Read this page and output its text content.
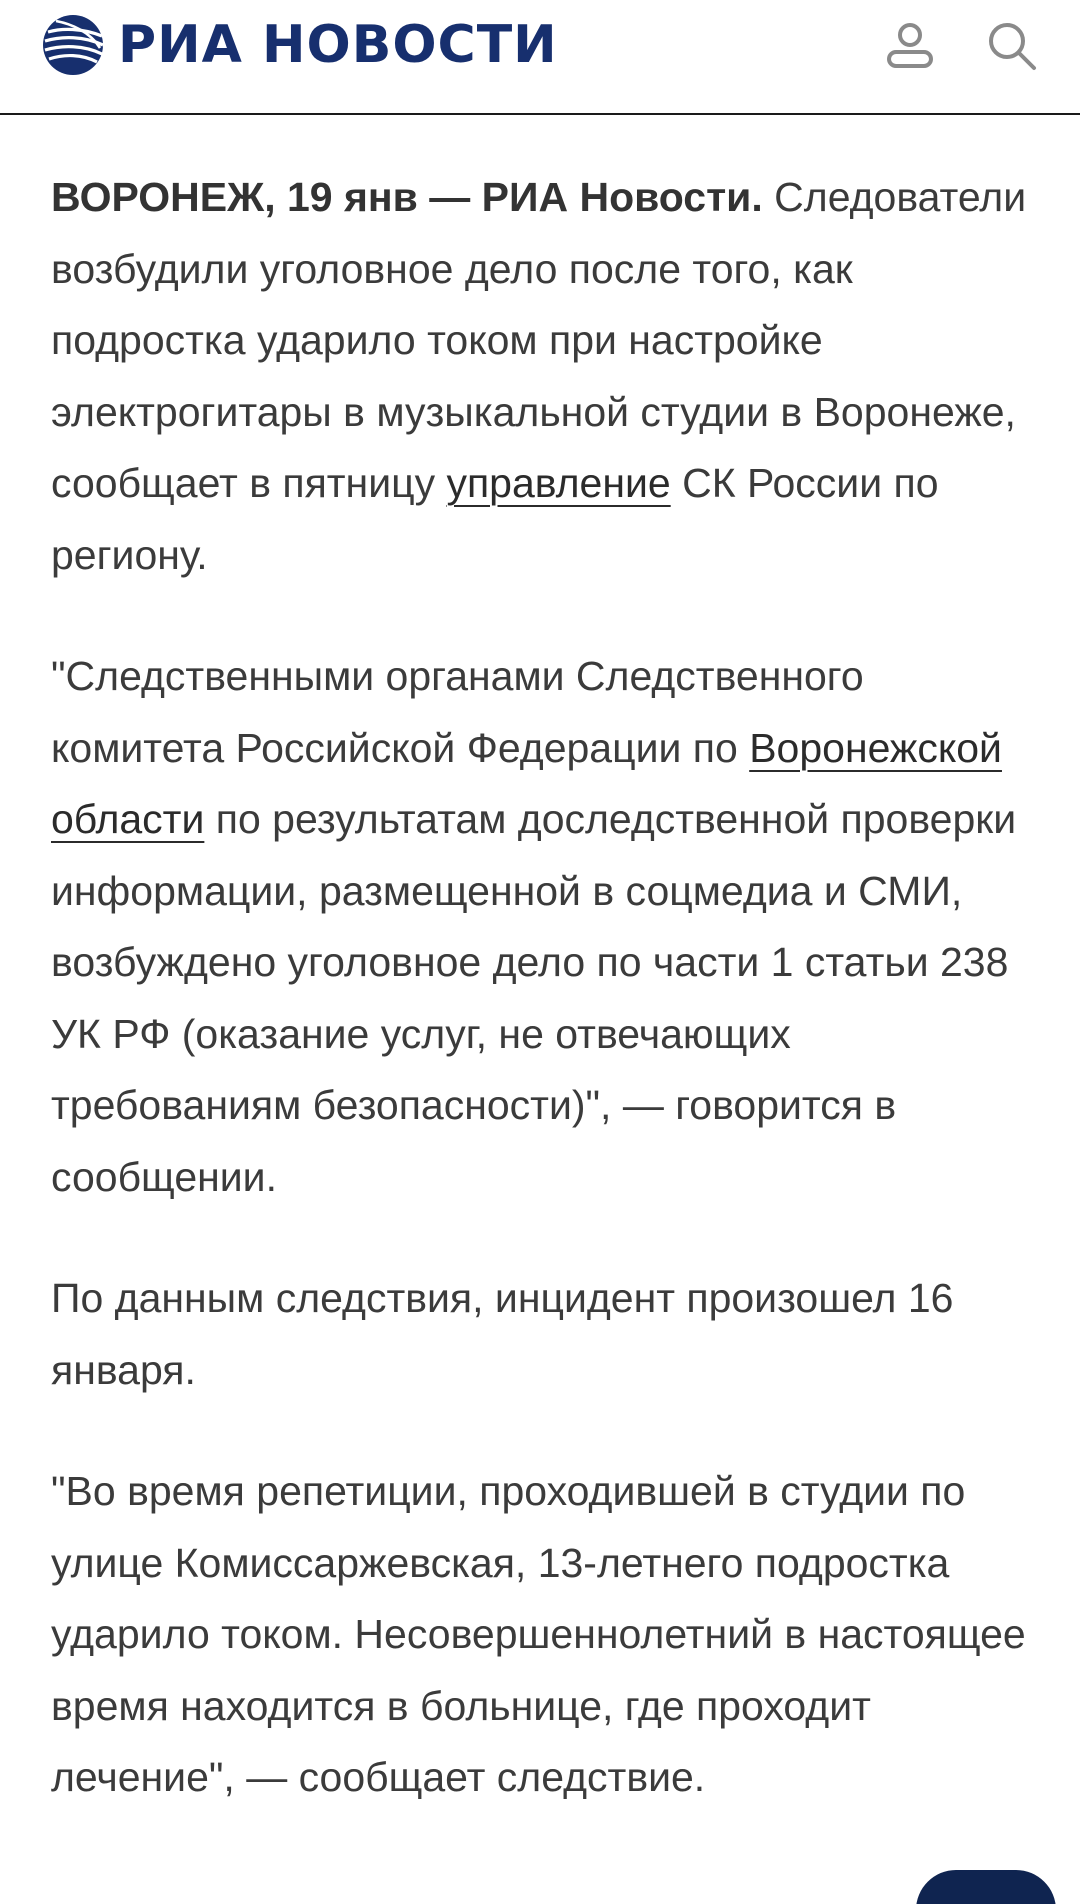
РИА НОВОСТИ

ВОРОНЕЖ, 19 янв — РИА Новости. Следователи возбудили уголовное дело после того, как подростка ударило током при настройке электрогитары в музыкальной студии в Воронеже, сообщает в пятницу управление СК России по региону.

"Следственными органами Следственного комитета Российской Федерации по Воронежской области по результатам доследственной проверки информации, размещенной в соцмедиа и СМИ, возбуждено уголовное дело по части 1 статьи 238 УК РФ (оказание услуг, не отвечающих требованиям безопасности)", — говорится в сообщении.

По данным следствия, инцидент произошел 16 января.

"Во время репетиции, проходившей в студии по улице Комиссаржевская, 13-летнего подростка ударило током. Несовершеннолетний в настоящее время находится в больнице, где проходит лечение", — сообщает следствие.
